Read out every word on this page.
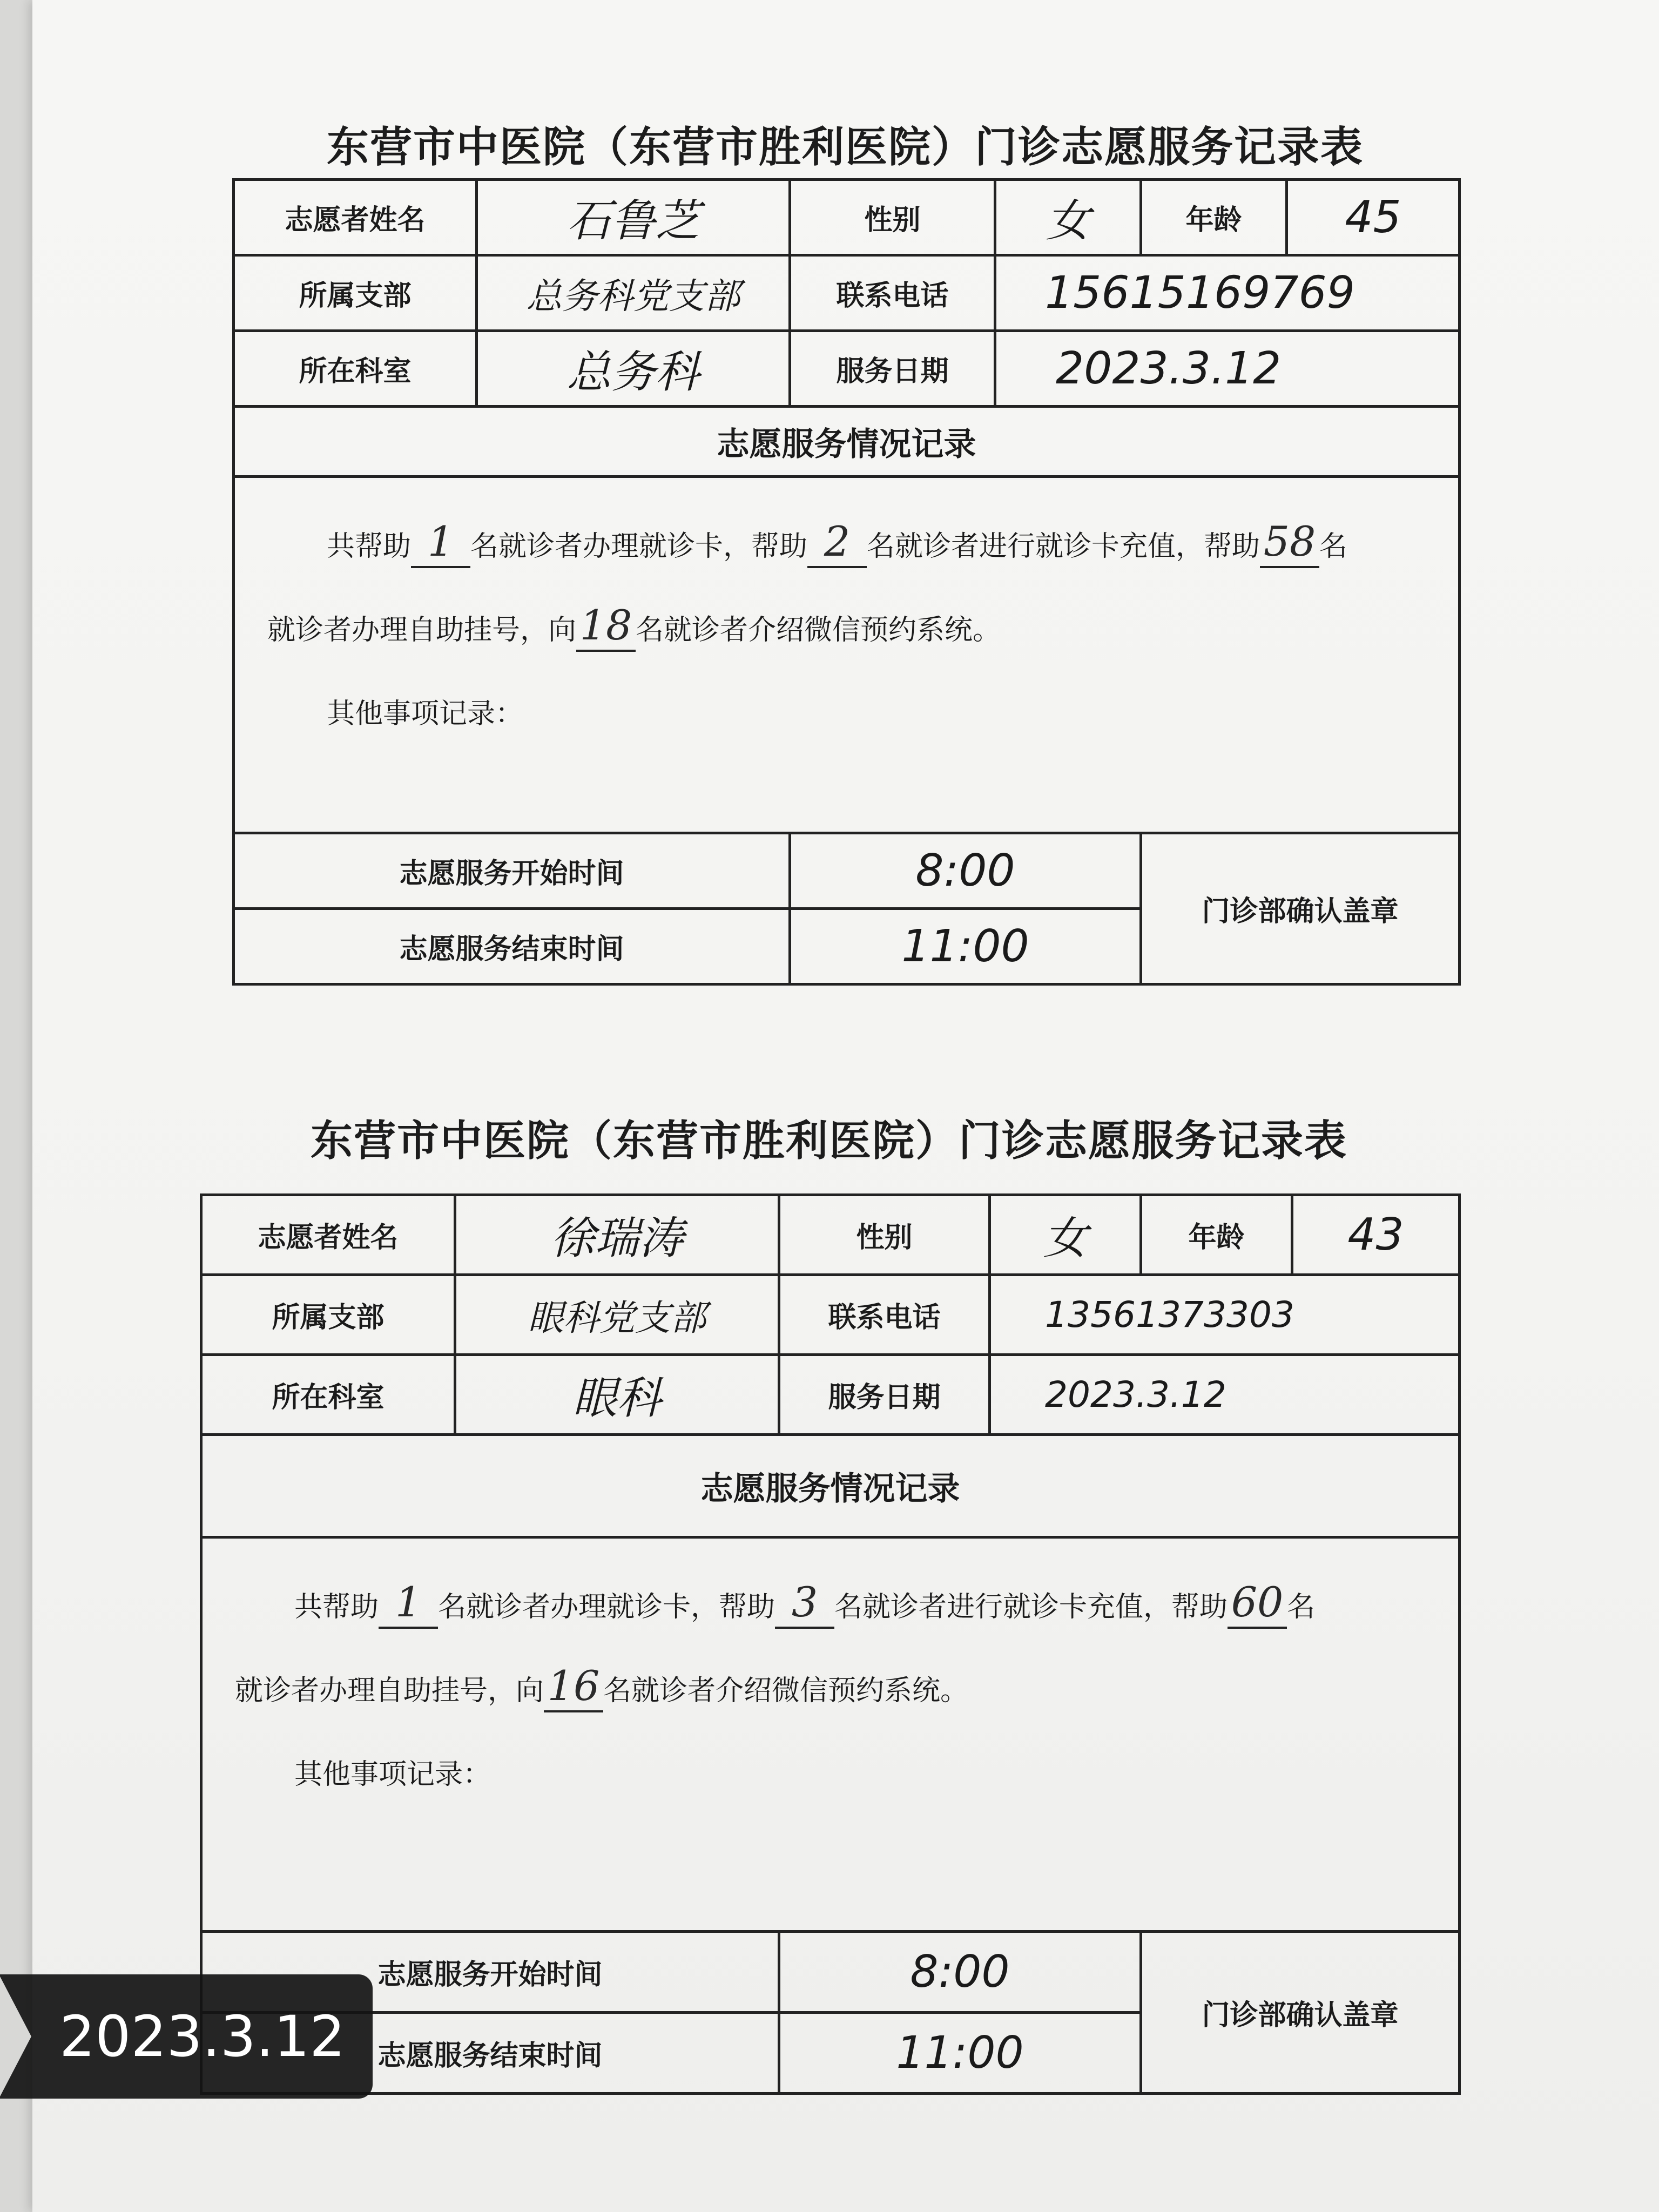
东营市中医院（东营市胜利医院）门诊志愿服务记录表
志愿者姓名	石鲁芝	性别	女	年龄	45
所属支部	总务科党支部	联系电话	15615169769		
所在科室	总务科	服务日期	2023.3.12		
志愿服务情况记录					

共帮助 1 名就诊者办理就诊卡，帮助 2 名就诊者进行就诊卡充值，帮助58 名

就诊者办理自助挂号，向18 名就诊者介绍微信预约系统。

其他事项记录：					

志愿服务开始时间		8:00		门诊部确认盖章	
志愿服务结束时间		11:00			
东营市中医院（东营市胜利医院）门诊志愿服务记录表
志愿者姓名	徐瑞涛	性别	女	年龄	43
所属支部	眼科党支部	联系电话	13561373303		
所在科室	眼科	服务日期	2023.3.12		
志愿服务情况记录					

共帮助 1 名就诊者办理就诊卡，帮助 3 名就诊者进行就诊卡充值，帮助60 名

就诊者办理自助挂号，向16 名就诊者介绍微信预约系统。

其他事项记录：					

志愿服务开始时间		8:00		门诊部确认盖章	
志愿服务结束时间		11:00			
2023.3.12
